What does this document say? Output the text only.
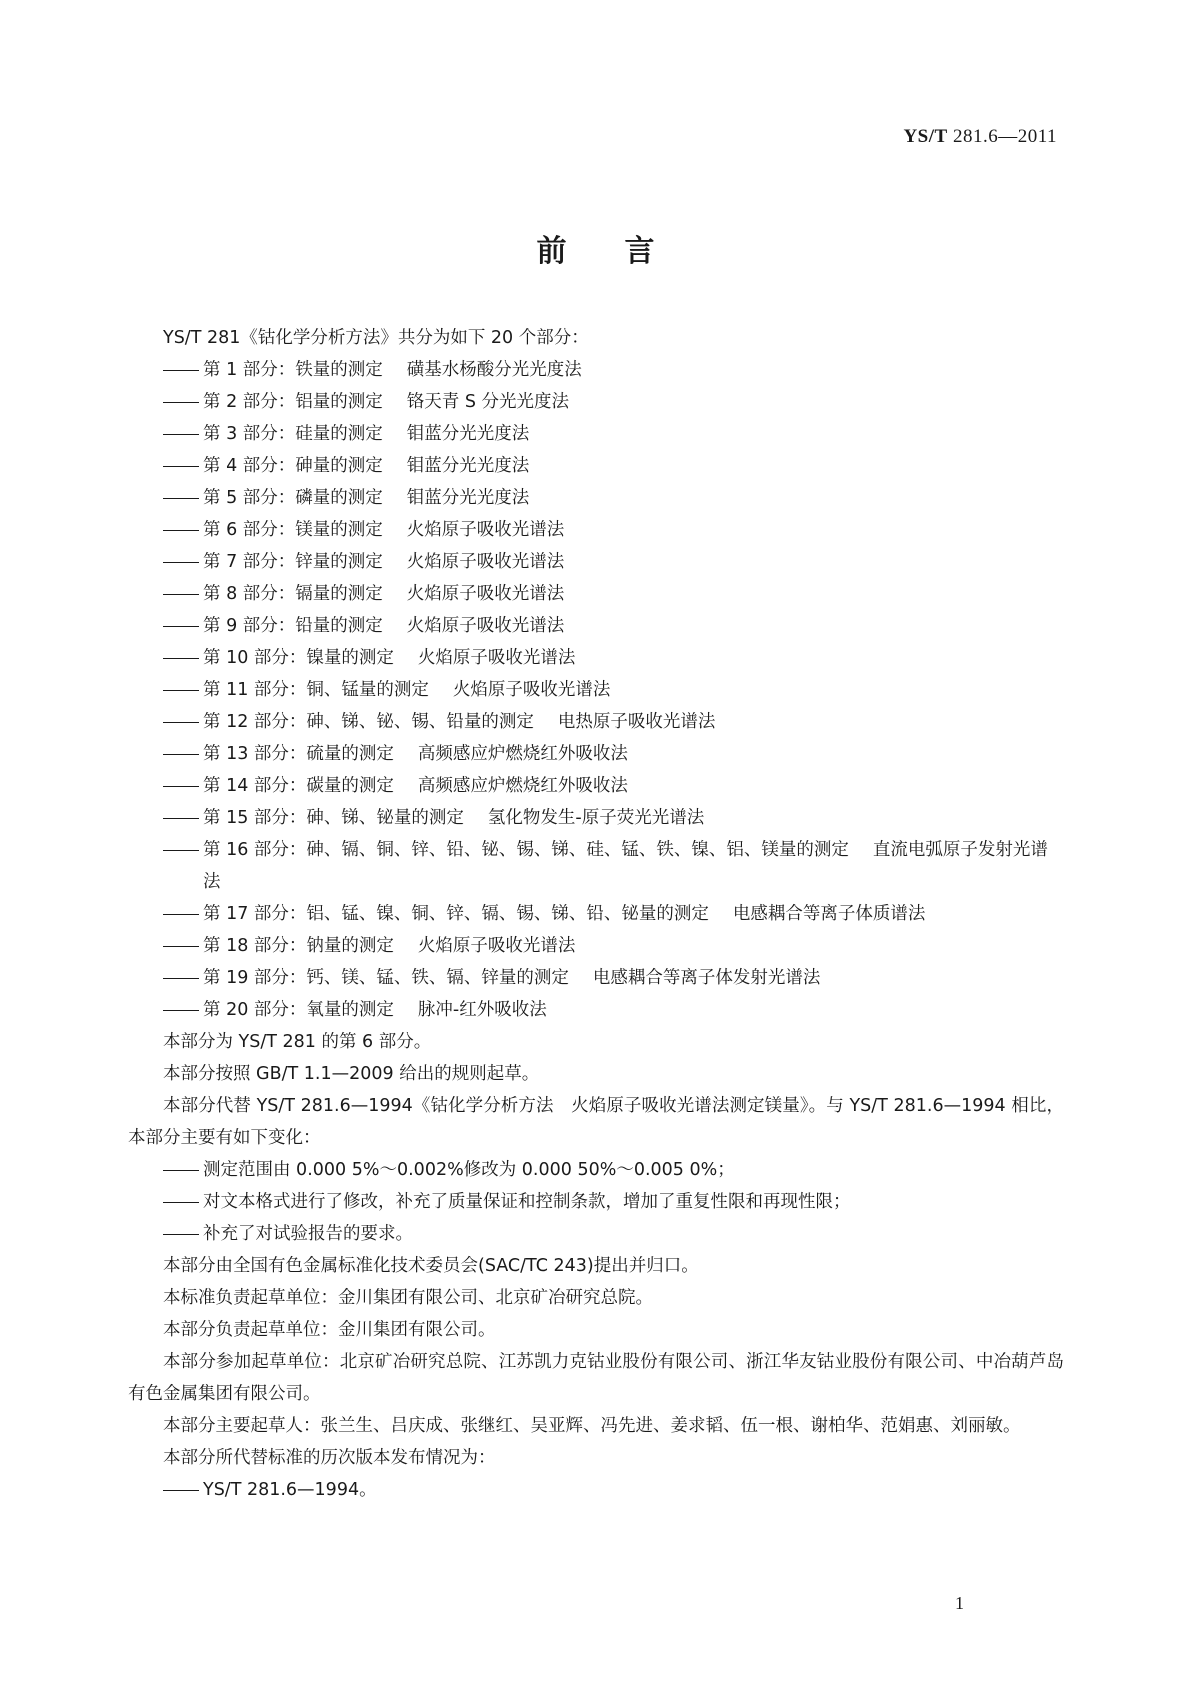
YS/T 281.6—2011
前 言
YS/T 281《钴化学分析方法》共分为如下 20 个部分：
第 1 部分：铁量的测定 磺基水杨酸分光光度法
第 2 部分：铝量的测定 铬天青 S 分光光度法
第 3 部分：硅量的测定 钼蓝分光光度法
第 4 部分：砷量的测定 钼蓝分光光度法
第 5 部分：磷量的测定 钼蓝分光光度法
第 6 部分：镁量的测定 火焰原子吸收光谱法
第 7 部分：锌量的测定 火焰原子吸收光谱法
第 8 部分：镉量的测定 火焰原子吸收光谱法
第 9 部分：铅量的测定 火焰原子吸收光谱法
第 10 部分：镍量的测定 火焰原子吸收光谱法
第 11 部分：铜、锰量的测定 火焰原子吸收光谱法
第 12 部分：砷、锑、铋、锡、铅量的测定 电热原子吸收光谱法
第 13 部分：硫量的测定 高频感应炉燃烧红外吸收法
第 14 部分：碳量的测定 高频感应炉燃烧红外吸收法
第 15 部分：砷、锑、铋量的测定 氢化物发生-原子荧光光谱法
第 16 部分：砷、镉、铜、锌、铅、铋、锡、锑、硅、锰、铁、镍、铝、镁量的测定 直流电弧原子发射光谱法
第 17 部分：铝、锰、镍、铜、锌、镉、锡、锑、铅、铋量的测定 电感耦合等离子体质谱法
第 18 部分：钠量的测定 火焰原子吸收光谱法
第 19 部分：钙、镁、锰、铁、镉、锌量的测定 电感耦合等离子体发射光谱法
第 20 部分：氧量的测定 脉冲-红外吸收法
本部分为 YS/T 281 的第 6 部分。
本部分按照 GB/T 1.1—2009 给出的规则起草。
本部分代替 YS/T 281.6—1994《钴化学分析方法　火焰原子吸收光谱法测定镁量》。与 YS/T 281.6—1994 相比，本部分主要有如下变化：
测定范围由 0.000 5%～0.002%修改为 0.000 50%～0.005 0%；
对文本格式进行了修改，补充了质量保证和控制条款，增加了重复性限和再现性限；
补充了对试验报告的要求。
本部分由全国有色金属标准化技术委员会(SAC/TC 243)提出并归口。
本标准负责起草单位：金川集团有限公司、北京矿冶研究总院。
本部分负责起草单位：金川集团有限公司。
本部分参加起草单位：北京矿冶研究总院、江苏凯力克钴业股份有限公司、浙江华友钴业股份有限公司、中冶葫芦岛有色金属集团有限公司。
本部分主要起草人：张兰生、吕庆成、张继红、吴亚辉、冯先进、姜求韬、伍一根、谢柏华、范娟惠、刘丽敏。
本部分所代替标准的历次版本发布情况为：
YS/T 281.6—1994。
1
